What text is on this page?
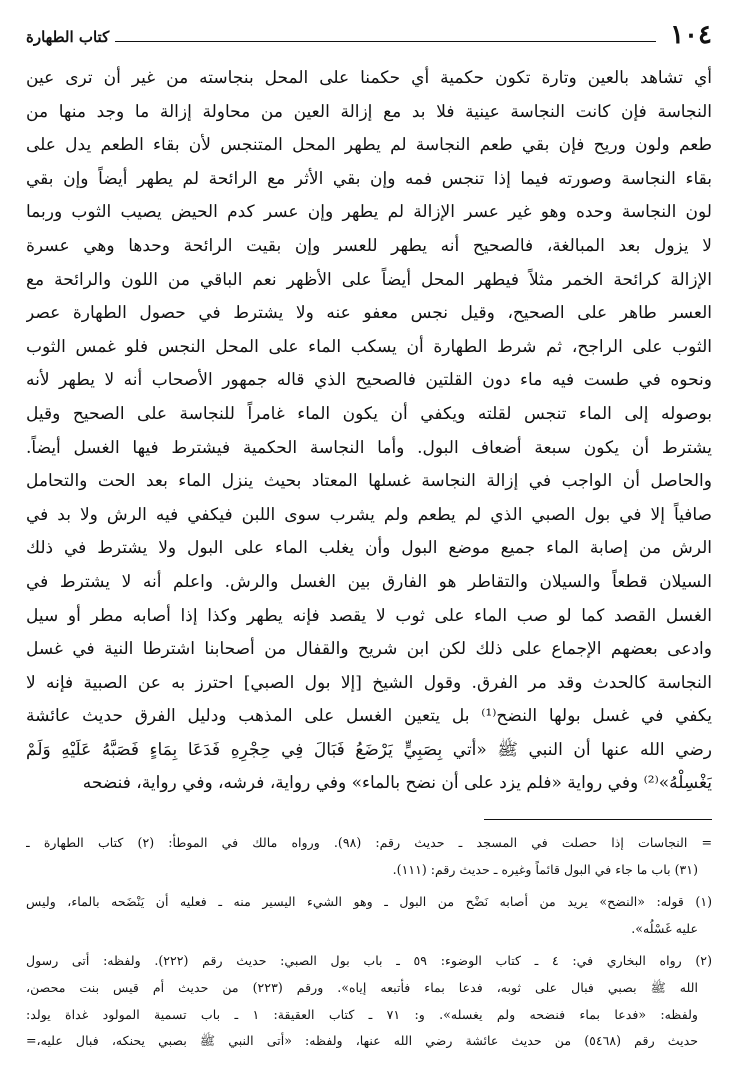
١٠٤
كتاب الطهارة
أي تشاهد بالعين وتارة تكون حكمية أي حكمنا على المحل بنجاسته من غير أن ترى عين
النجاسة فإن كانت النجاسة عينية فلا بد مع إزالة العين من محاولة إزالة ما وجد منها من
طعم ولون وريح فإن بقي طعم النجاسة لم يطهر المحل المتنجس لأن بقاء الطعم يدل على
بقاء النجاسة وصورته فيما إذا تنجس فمه وإن بقي الأثر مع الرائحة لم يطهر أيضاً وإن بقي
لون النجاسة وحده وهو غير عسر الإزالة لم يطهر وإن عسر كدم الحيض يصيب الثوب وربما
لا يزول بعد المبالغة، فالصحيح أنه يطهر للعسر وإن بقيت الرائحة وحدها وهي عسرة
الإزالة كرائحة الخمر مثلاً فيطهر المحل أيضاً على الأظهر نعم الباقي من اللون والرائحة مع
العسر طاهر على الصحيح، وقيل نجس معفو عنه ولا يشترط في حصول الطهارة عصر
الثوب على الراجح، ثم شرط الطهارة أن يسكب الماء على المحل النجس فلو غمس الثوب
ونحوه في طست فيه ماء دون القلتين فالصحيح الذي قاله جمهور الأصحاب أنه لا يطهر لأنه
بوصوله إلى الماء تنجس لقلته ويكفي أن يكون الماء غامراً للنجاسة على الصحيح وقيل
يشترط أن يكون سبعة أضعاف البول. وأما النجاسة الحكمية فيشترط فيها الغسل أيضاً.
والحاصل أن الواجب في إزالة النجاسة غسلها المعتاد بحيث ينزل الماء بعد الحت والتحامل
صافياً إلا في بول الصبي الذي لم يطعم ولم يشرب سوى اللبن فيكفي فيه الرش ولا بد في
الرش من إصابة الماء جميع موضع البول وأن يغلب الماء على البول ولا يشترط في ذلك
السيلان قطعاً والسيلان والتقاطر هو الفارق بين الغسل والرش. واعلم أنه لا يشترط في
الغسل القصد كما لو صب الماء على ثوب لا يقصد فإنه يطهر وكذا إذا أصابه مطر أو سيل
وادعى بعضهم الإجماع على ذلك لكن ابن شريح والقفال من أصحابنا اشترطا النية في غسل
النجاسة كالحدث وقد مر الفرق. وقول الشيخ [إلا بول الصبي] احترز به عن الصبية فإنه لا
يكفي في غسل بولها النضح⁽¹⁾ بل يتعين الغسل على المذهب ودليل الفرق حديث عائشة
رضي الله عنها أن النبي ﷺ «أتي بِصَبِيٍّ يَرْضَعُ فَبَالَ فِي حِجْرِهِ فَدَعَا بِمَاءٍ فَصَبَّهُ عَلَيْهِ وَلَمْ
يَغْسِلْهُ»⁽²⁾ وفي رواية «فلم يزد على أن نضح بالماء» وفي رواية، فرشه، وفي رواية، فنضحه
= النجاسات إذا حصلت في المسجد ـ حديث رقم: (٩٨). ورواه مالك في الموطأ: (٢) كتاب الطهارة ـ
(٣١) باب ما جاء في البول قائماً وغيره ـ حديث رقم: (١١١).
(١) قوله: «النضح» يريد من أصابه نَضْح من البول ـ وهو الشيء اليسير منه ـ فعليه أن يَنْضَحه بالماء، وليس
عليه غَسْلُه».
(٢) رواه البخاري في: ٤ ـ كتاب الوضوء: ٥٩ ـ باب بول الصبي: حديث رقم (٢٢٢). ولفظه: أتى رسول
الله ﷺ بصبي فبال على ثوبه، فدعا بماء فأتبعه إياه». ورقم (٢٢٣) من حديث أم قيس بنت محصن،
ولفظه: «فدعا بماء فنضحه ولم يغسله». و: ٧١ ـ كتاب العقيقة: ١ ـ باب تسمية المولود غداة يولد:
حديث رقم (٥٤٦٨) من حديث عائشة رضي الله عنها، ولفظه: «أتى النبي ﷺ بصبي يحنكه، فبال عليه،=
